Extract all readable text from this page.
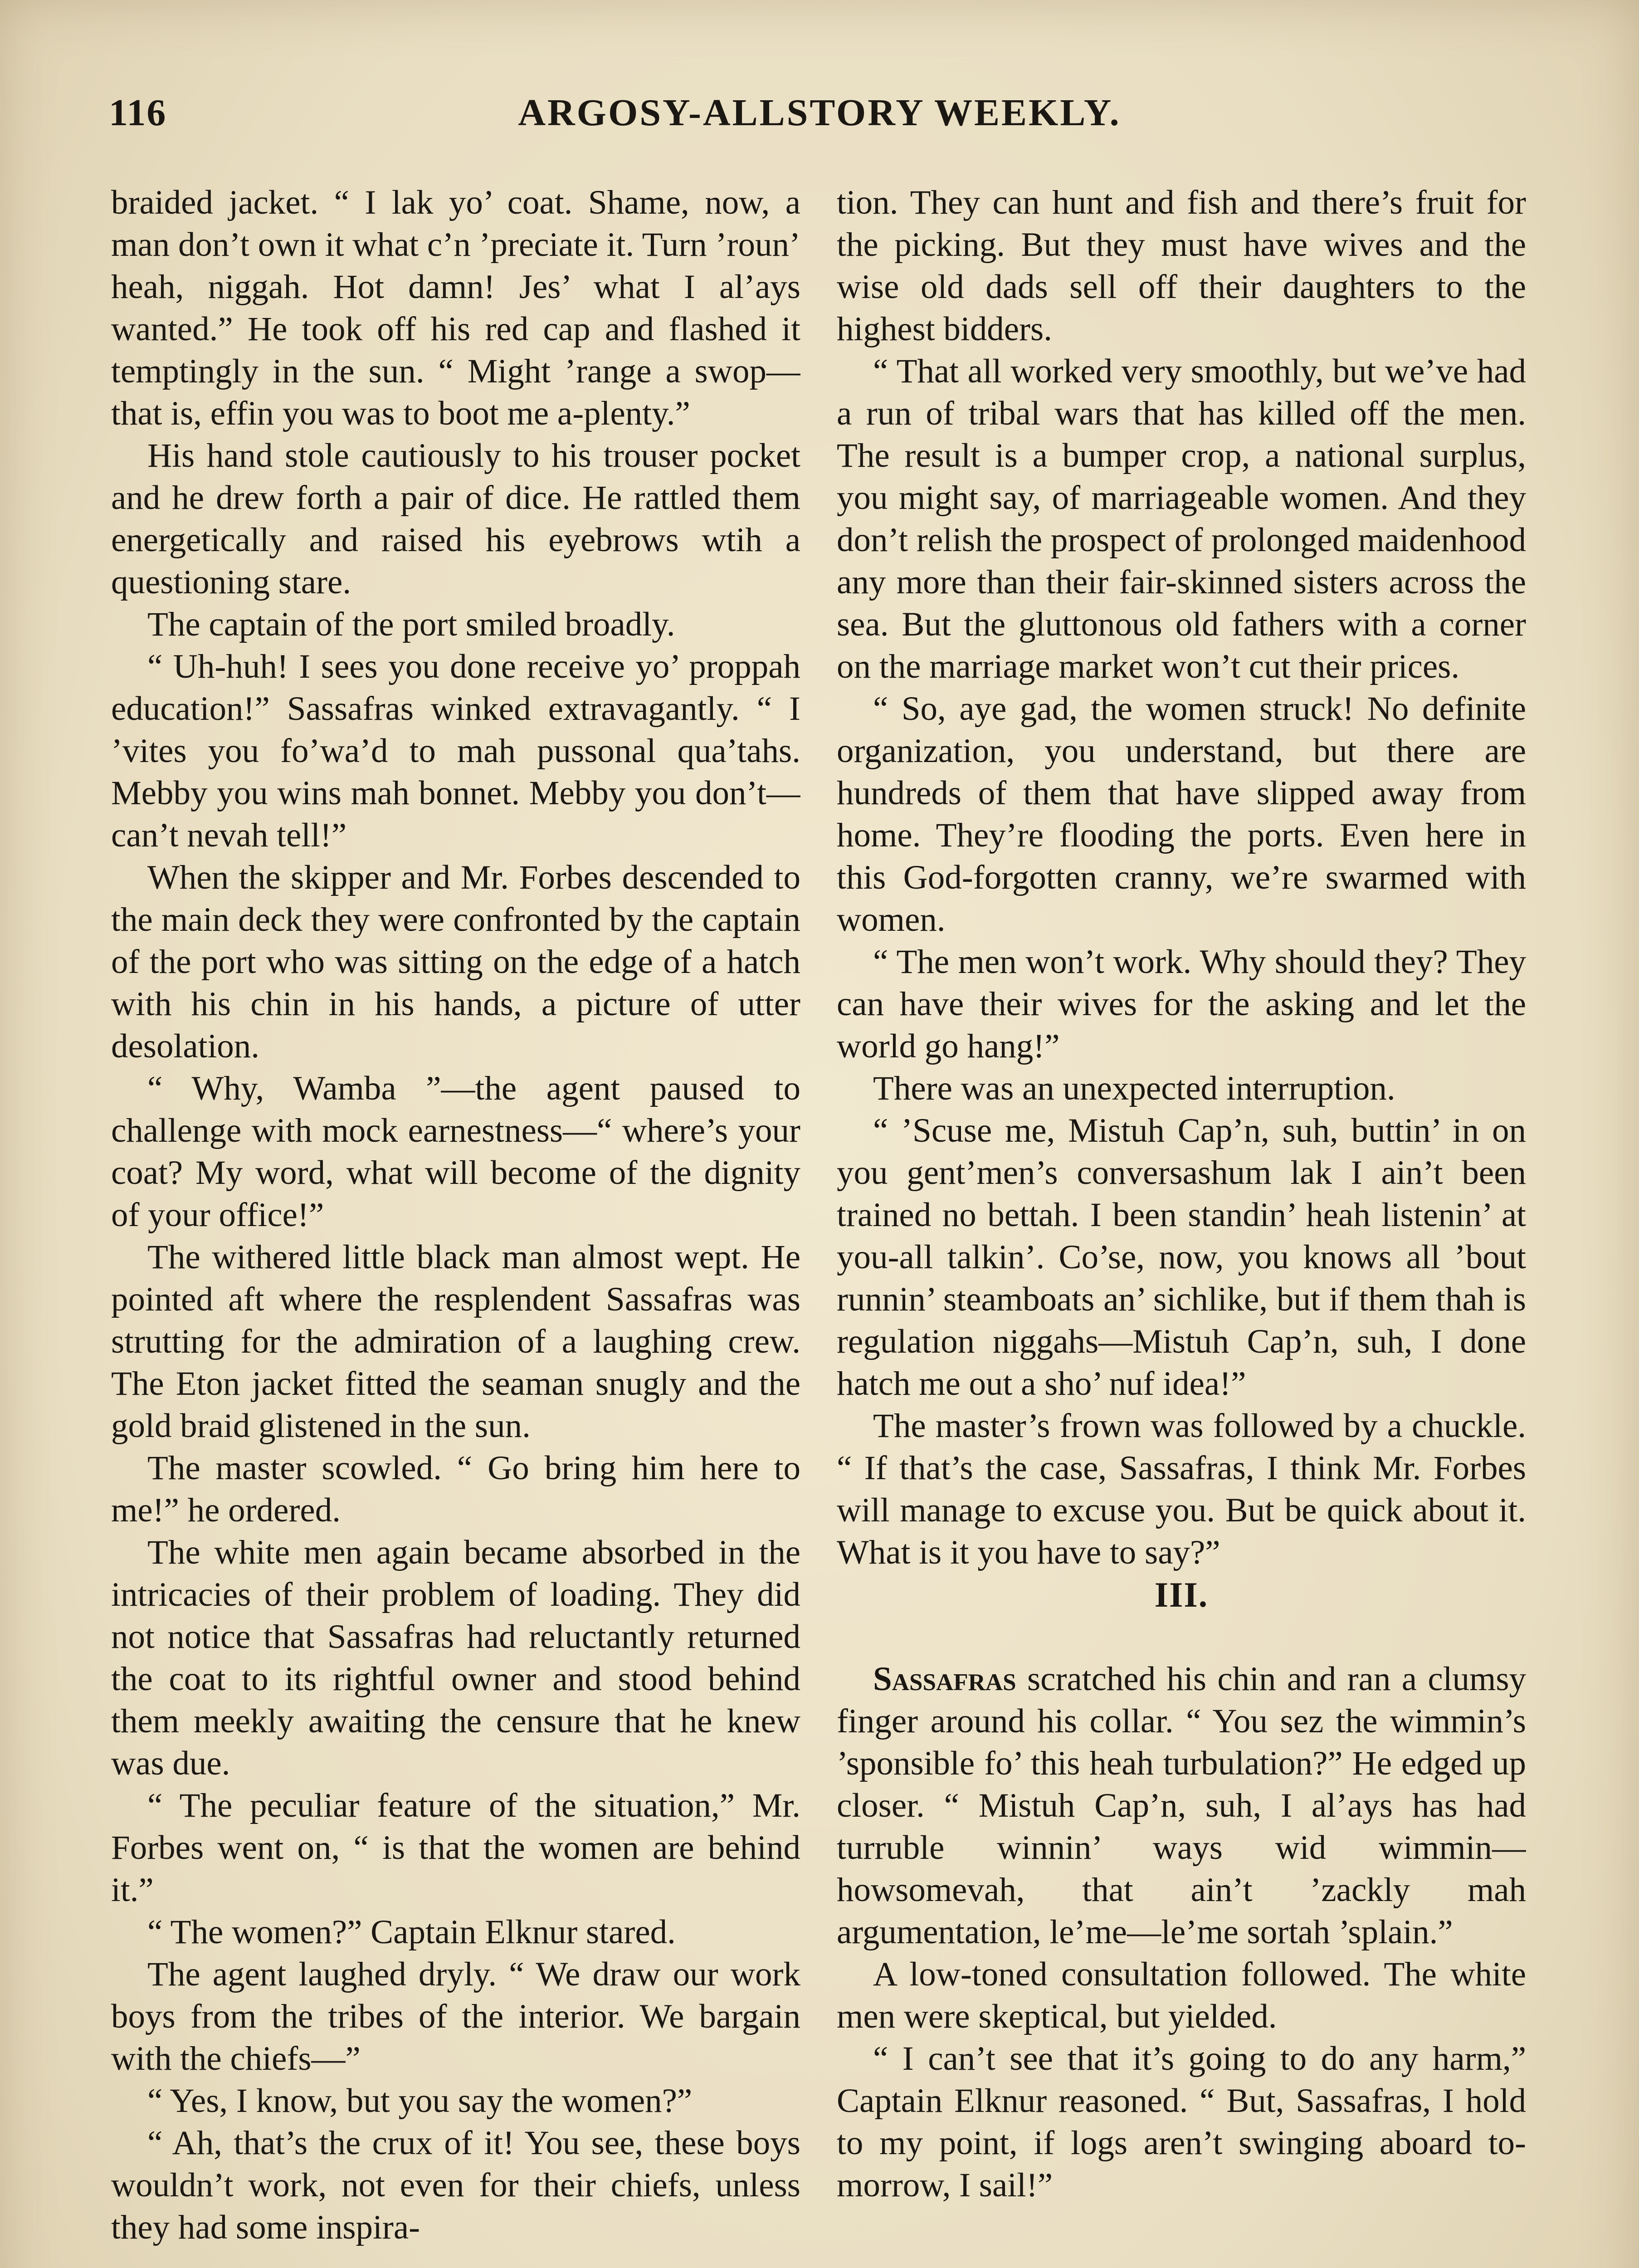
116	ARGOSY-ALLSTORY WEEKLY.

braided jacket. “ I lak yo’ coat. Shame, now, a man don’t own it what c’n ’preciate it. Turn ’roun’ heah, niggah. Hot damn! Jes’ what I al’ays wanted.” He took off his red cap and flashed it temptingly in the sun. “ Might ’range a swop—that is, effin you was to boot me a-plenty.”

His hand stole cautiously to his trouser pocket and he drew forth a pair of dice. He rattled them energetically and raised his eyebrows wtih a questioning stare.

The captain of the port smiled broadly.

“ Uh-huh! I sees you done receive yo’ proppah education!” Sassafras winked extravagantly. “ I ’vites you fo’wa’d to mah pussonal qua’tahs. Mebby you wins mah bonnet. Mebby you don’t—can’t nevah tell!”

When the skipper and Mr. Forbes descended to the main deck they were confronted by the captain of the port who was sitting on the edge of a hatch with his chin in his hands, a picture of utter desolation.

“ Why, Wamba ”—the agent paused to challenge with mock earnestness—“ where’s your coat? My word, what will become of the dignity of your office!”

The withered little black man almost wept. He pointed aft where the resplendent Sassafras was strutting for the admiration of a laughing crew. The Eton jacket fitted the seaman snugly and the gold braid glistened in the sun.

The master scowled. “ Go bring him here to me!” he ordered.

The white men again became absorbed in the intricacies of their problem of loading. They did not notice that Sassafras had reluctantly returned the coat to its rightful owner and stood behind them meekly awaiting the censure that he knew was due.

“ The peculiar feature of the situation,” Mr. Forbes went on, “ is that the women are behind it.”

“ The women?” Captain Elknur stared.

The agent laughed dryly. “ We draw our work boys from the tribes of the interior. We bargain with the chiefs—”

“ Yes, I know, but you say the women?”

“ Ah, that’s the crux of it! You see, these boys wouldn’t work, not even for their chiefs, unless they had some inspira-

tion. They can hunt and fish and there’s fruit for the picking. But they must have wives and the wise old dads sell off their daughters to the highest bidders.

“ That all worked very smoothly, but we’ve had a run of tribal wars that has killed off the men. The result is a bumper crop, a national surplus, you might say, of marriageable women. And they don’t relish the prospect of prolonged maidenhood any more than their fair-skinned sisters across the sea. But the gluttonous old fathers with a corner on the marriage market won’t cut their prices.

“ So, aye gad, the women struck! No definite organization, you understand, but there are hundreds of them that have slipped away from home. They’re flooding the ports. Even here in this God-forgotten cranny, we’re swarmed with women.

“ The men won’t work. Why should they? They can have their wives for the asking and let the world go hang!”

There was an unexpected interruption.

“ ’Scuse me, Mistuh Cap’n, suh, buttin’ in on you gent’men’s conversashum lak I ain’t been trained no bettah. I been standin’ heah listenin’ at you-all talkin’. Co’se, now, you knows all ’bout runnin’ steamboats an’ sichlike, but if them thah is regulation niggahs—Mistuh Cap’n, suh, I done hatch me out a sho’ nuf idea!”

The master’s frown was followed by a chuckle. “ If that’s the case, Sassafras, I think Mr. Forbes will manage to excuse you. But be quick about it. What is it you have to say?”

III.

Sassafras scratched his chin and ran a clumsy finger around his collar. “ You sez the wimmin’s ’sponsible fo’ this heah turbulation?” He edged up closer. “ Mistuh Cap’n, suh, I al’ays has had turruble winnin’ ways wid wimmin—howsomevah, that ain’t ’zackly mah argumentation, le’me—le’me sortah ’splain.”

A low-toned consultation followed. The white men were skeptical, but yielded.

“ I can’t see that it’s going to do any harm,” Captain Elknur reasoned. “ But, Sassafras, I hold to my point, if logs aren’t swinging aboard to-morrow, I sail!”
